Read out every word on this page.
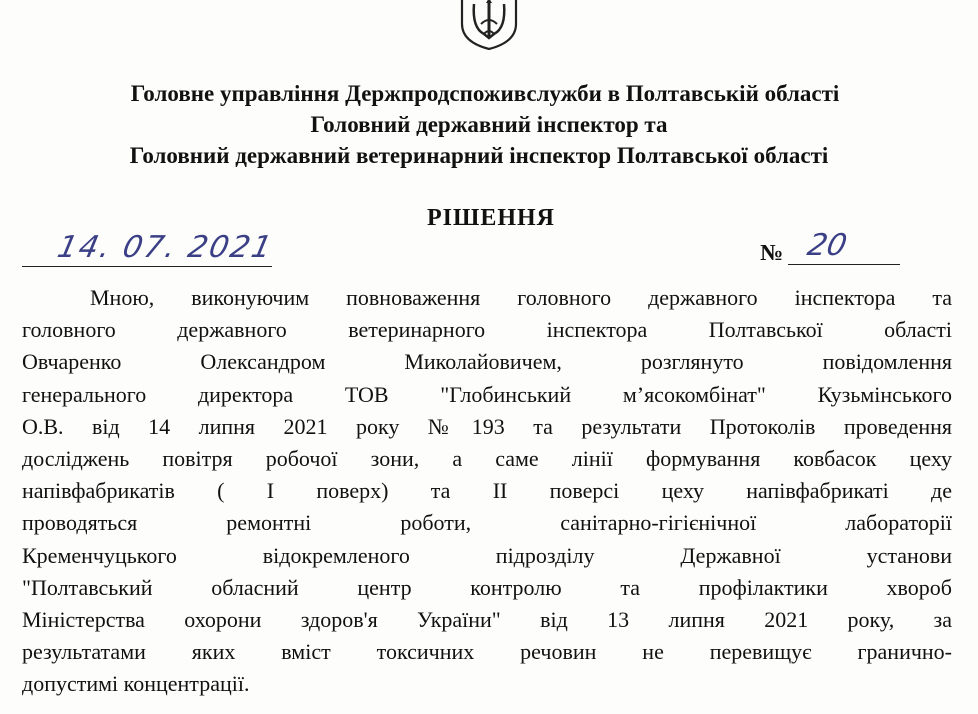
Головне управління Держпродспоживслужби в Полтавській області
Головний державний інспектор та
Головний державний ветеринарний інспектор Полтавської області
РІШЕННЯ
14. 07. 2021	№ 20
Мною, виконуючим повноваження головного державного інспектора та
головного державного ветеринарного інспектора Полтавської області
Овчаренко Олександром Миколайовичем, розглянуто повідомлення
генерального директора ТОВ "Глобинський м’ясокомбінат" Кузьмінського
О.В. від 14 липня 2021 року №193 та результати Протоколів проведення
досліджень повітря робочої зони, а саме лінії формування ковбасок цеху
напівфабрикатів ( І поверх) та ІІ поверсі цеху напівфабрикаті де
проводяться ремонтні роботи, санітарно-гігієнічної лабораторії
Кременчуцького відокремленого підрозділу Державної установи
"Полтавський обласний центр контролю та профілактики хвороб
Міністерства охорони здоров'я України" від 13 липня 2021 року, за
результатами яких вміст токсичних речовин не перевищує гранично-
допустимі концентрації.
